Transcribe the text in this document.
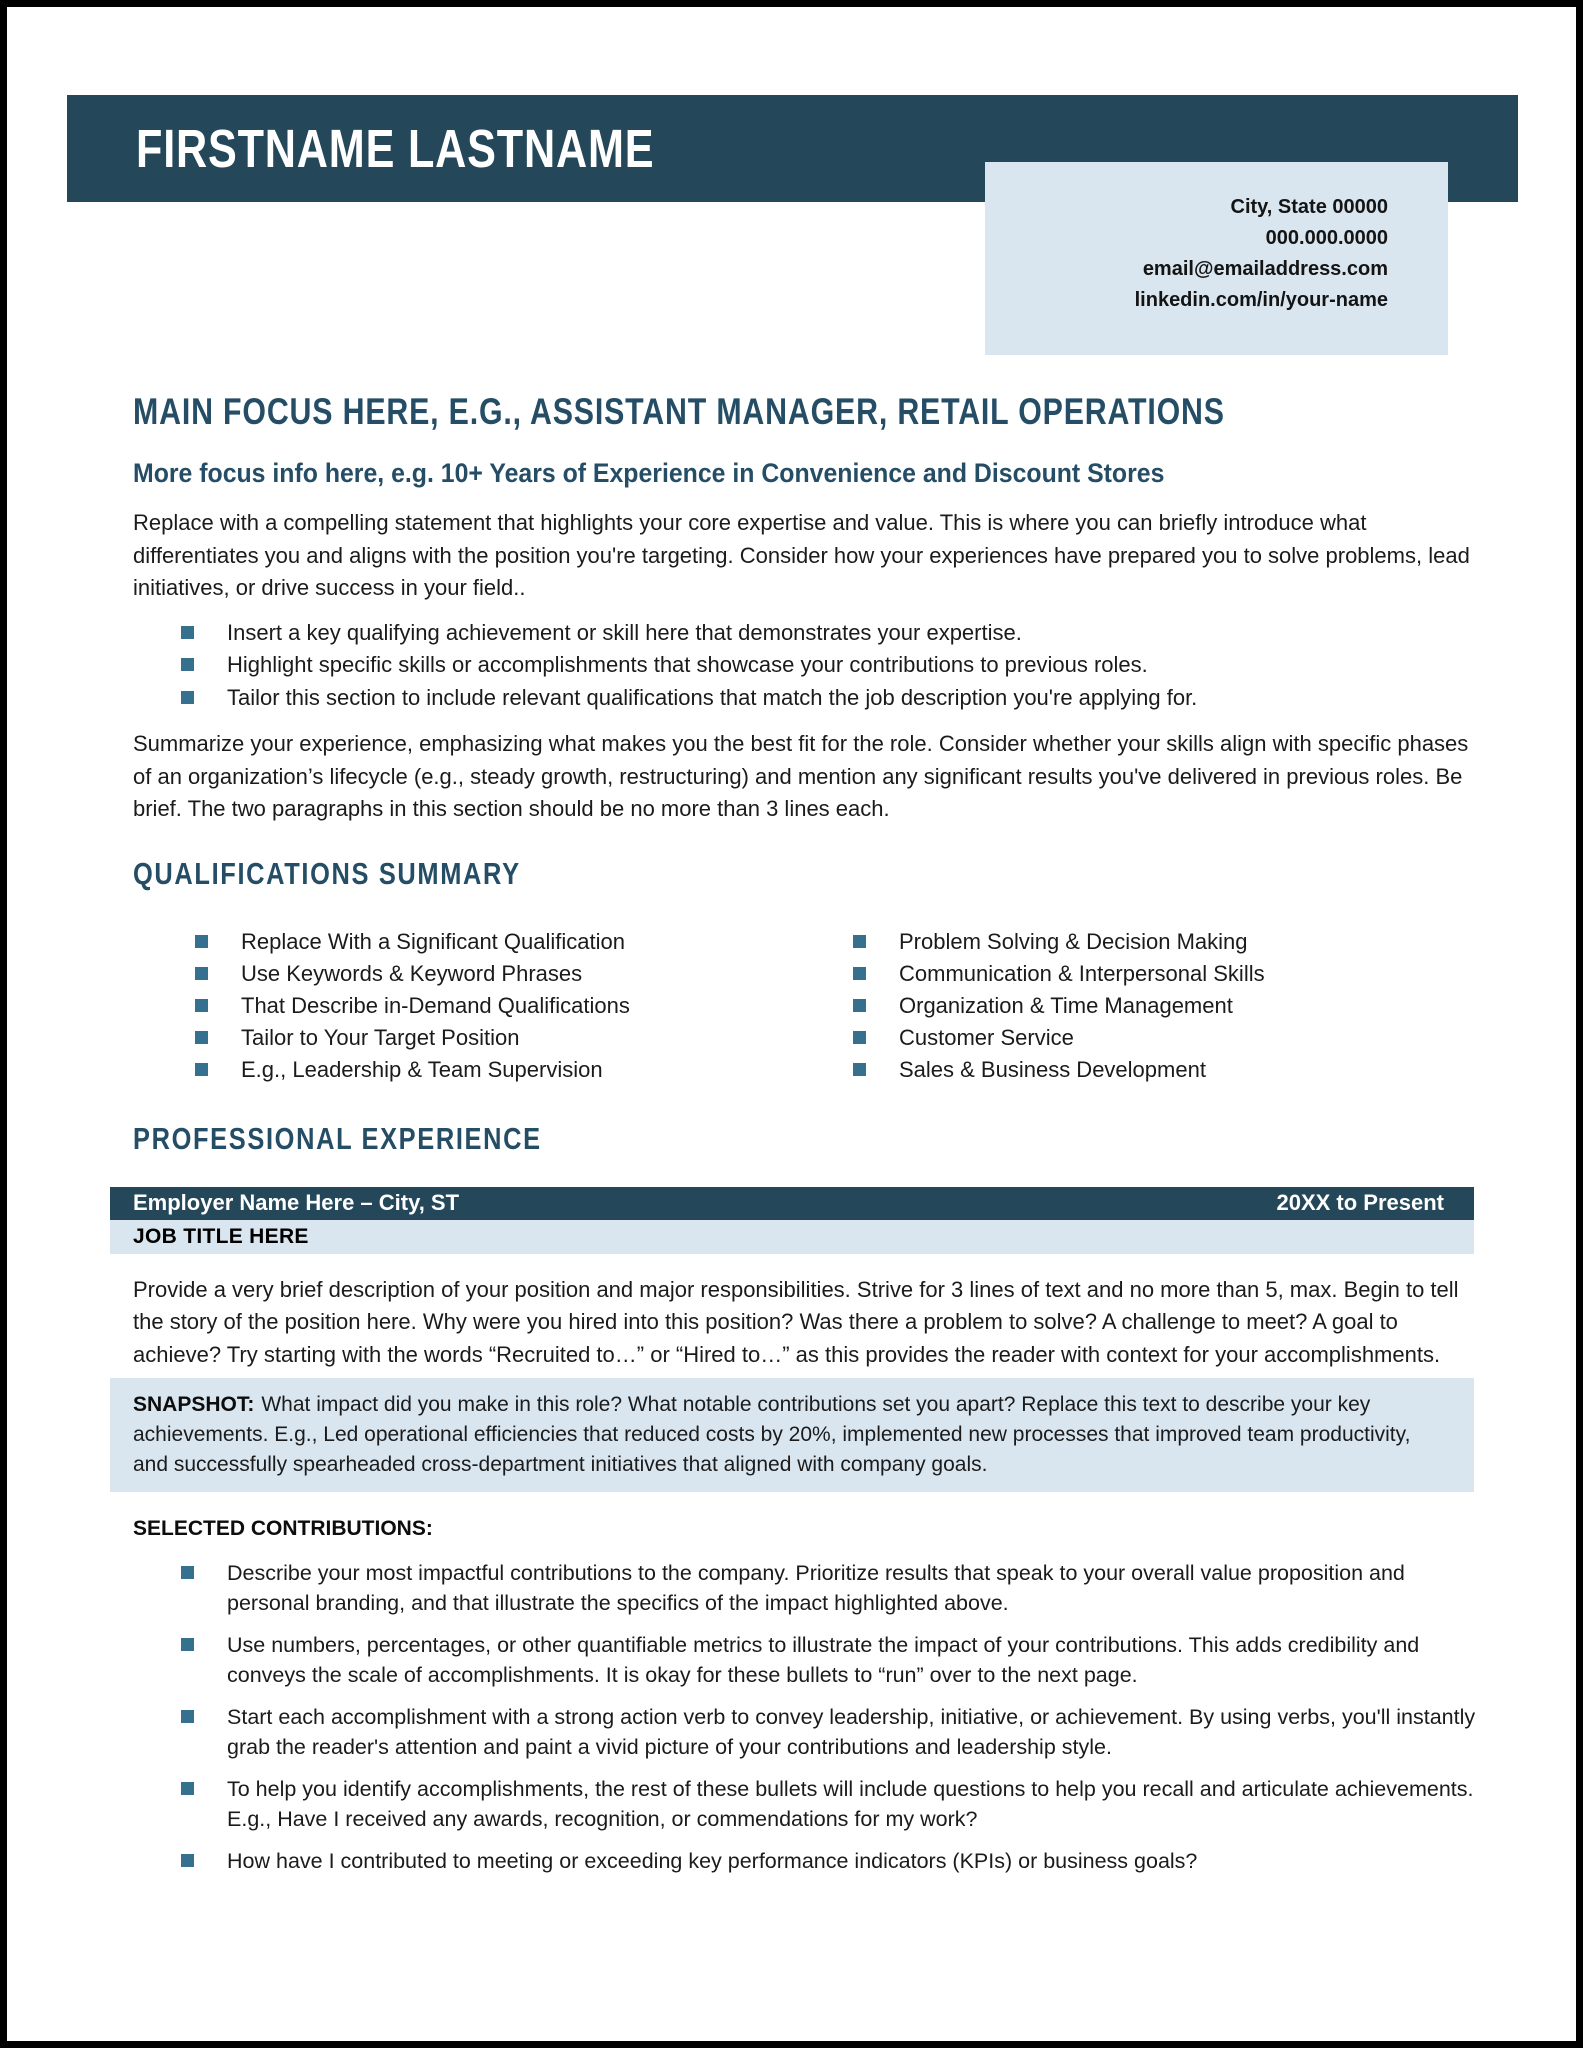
FIRSTNAME LASTNAME
City, State 00000
000.000.0000
email@emailaddress.com
linkedin.com/in/your-name
MAIN FOCUS HERE, E.G., ASSISTANT MANAGER, RETAIL OPERATIONS
More focus info here, e.g. 10+ Years of Experience in Convenience and Discount Stores

Replace with a compelling statement that highlights your core expertise and value. This is where you can briefly introduce what differentiates you and aligns with the position you're targeting. Consider how your experiences have prepared you to solve problems, lead initiatives, or drive success in your field..

Insert a key qualifying achievement or skill here that demonstrates your expertise.
Highlight specific skills or accomplishments that showcase your contributions to previous roles.
Tailor this section to include relevant qualifications that match the job description you're applying for.

Summarize your experience, emphasizing what makes you the best fit for the role. Consider whether your skills align with specific phases of an organization’s lifecycle (e.g., steady growth, restructuring) and mention any significant results you've delivered in previous roles. Be brief. The two paragraphs in this section should be no more than 3 lines each.

QUALIFICATIONS SUMMARY
Replace With a Significant Qualification
Use Keywords & Keyword Phrases
That Describe in-Demand Qualifications
Tailor to Your Target Position
E.g., Leadership & Team Supervision
Problem Solving & Decision Making
Communication & Interpersonal Skills
Organization & Time Management
Customer Service
Sales & Business Development
PROFESSIONAL EXPERIENCE
Employer Name Here – City, ST	20XX to Present
JOB TITLE HERE

Provide a very brief description of your position and major responsibilities. Strive for 3 lines of text and no more than 5, max. Begin to tell the story of the position here. Why were you hired into this position? Was there a problem to solve? A challenge to meet? A goal to achieve? Try starting with the words “Recruited to…” or “Hired to…” as this provides the reader with context for your accomplishments.

SNAPSHOT: What impact did you make in this role? What notable contributions set you apart? Replace this text to describe your key achievements. E.g., Led operational efficiencies that reduced costs by 20%, implemented new processes that improved team productivity, and successfully spearheaded cross-department initiatives that aligned with company goals.
SELECTED CONTRIBUTIONS:
Describe your most impactful contributions to the company. Prioritize results that speak to your overall value proposition and personal branding, and that illustrate the specifics of the impact highlighted above.
Use numbers, percentages, or other quantifiable metrics to illustrate the impact of your contributions. This adds credibility and conveys the scale of accomplishments. It is okay for these bullets to “run” over to the next page.
Start each accomplishment with a strong action verb to convey leadership, initiative, or achievement. By using verbs, you'll instantly grab the reader's attention and paint a vivid picture of your contributions and leadership style.
To help you identify accomplishments, the rest of these bullets will include questions to help you recall and articulate achievements. E.g., Have I received any awards, recognition, or commendations for my work?
How have I contributed to meeting or exceeding key performance indicators (KPIs) or business goals?
